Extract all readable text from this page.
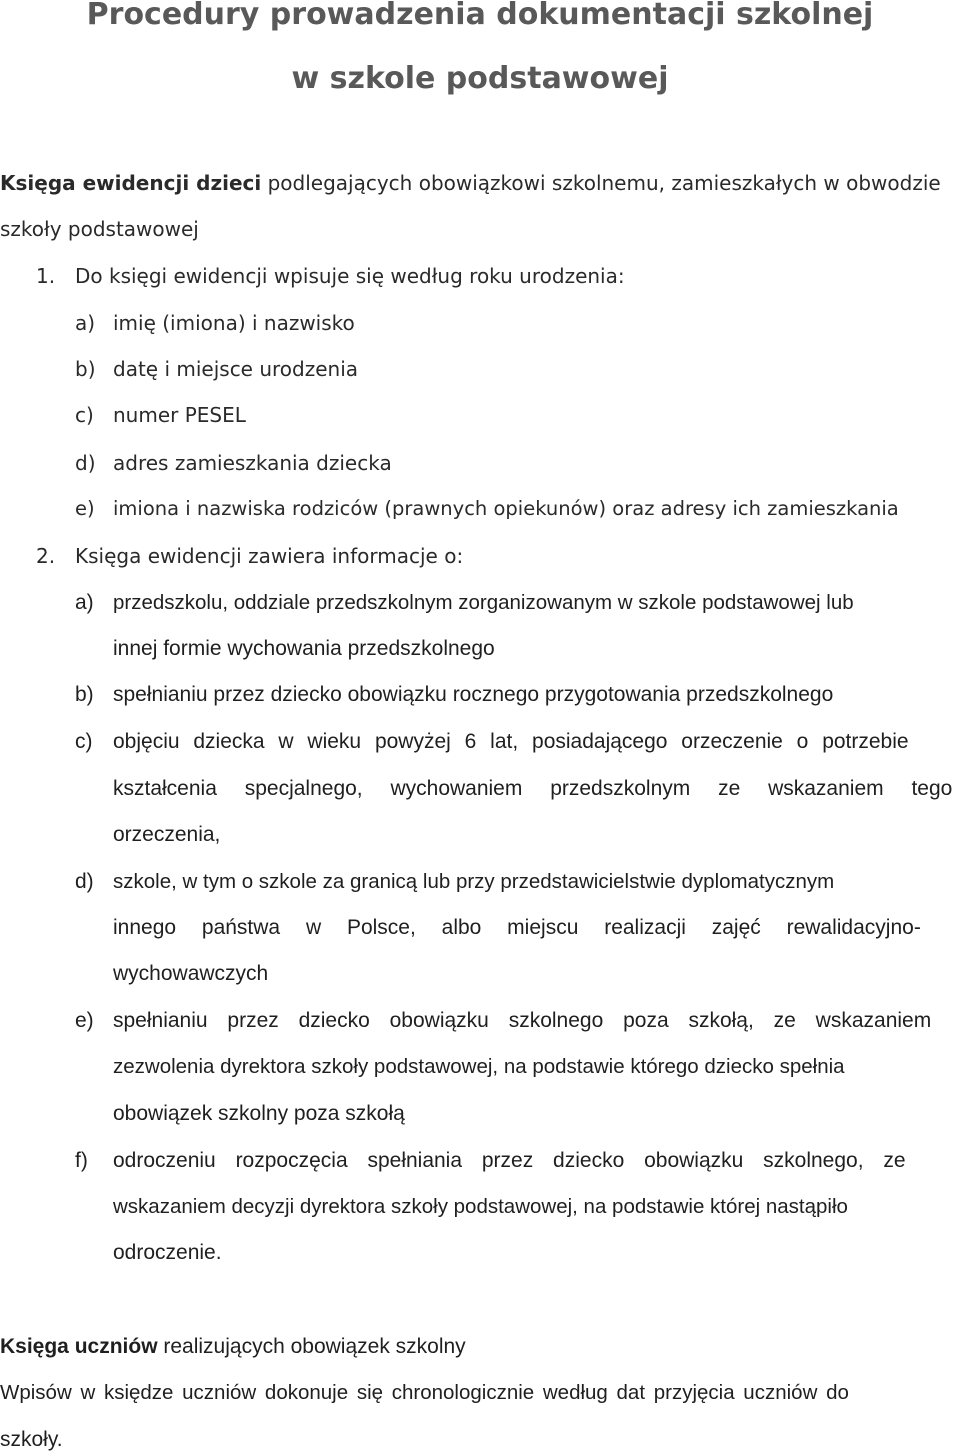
Procedury prowadzenia dokumentacji szkolnej
w szkole podstawowej
Księga ewidencji dzieci podlegających obowiązkowi szkolnemu, zamieszkałych w obwodzie
szkoły podstawowej
1. Do księgi ewidencji wpisuje się według roku urodzenia:
a) imię (imiona) i nazwisko
b) datę i miejsce urodzenia
c) numer PESEL
d) adres zamieszkania dziecka
e) imiona i nazwiska rodziców (prawnych opiekunów) oraz adresy ich zamieszkania
2. Księga ewidencji zawiera informacje o:
a) przedszkolu, oddziale przedszkolnym zorganizowanym w szkole podstawowej lub
innej formie wychowania przedszkolnego
b) spełnianiu przez dziecko obowiązku rocznego przygotowania przedszkolnego
c) objęciu dziecka w wieku powyżej 6 lat, posiadającego orzeczenie o potrzebie
kształcenia specjalnego, wychowaniem przedszkolnym ze wskazaniem tego
orzeczenia,
d) szkole, w tym o szkole za granicą lub przy przedstawicielstwie dyplomatycznym
innego państwa w Polsce, albo miejscu realizacji zajęć rewalidacyjno-
wychowawczych
e) spełnianiu przez dziecko obowiązku szkolnego poza szkołą, ze wskazaniem
zezwolenia dyrektora szkoły podstawowej, na podstawie którego dziecko spełnia
obowiązek szkolny poza szkołą
f) odroczeniu rozpoczęcia spełniania przez dziecko obowiązku szkolnego, ze
wskazaniem decyzji dyrektora szkoły podstawowej, na podstawie której nastąpiło
odroczenie.
Księga uczniów realizujących obowiązek szkolny
Wpisów w księdze uczniów dokonuje się chronologicznie według dat przyjęcia uczniów do
szkoły.
